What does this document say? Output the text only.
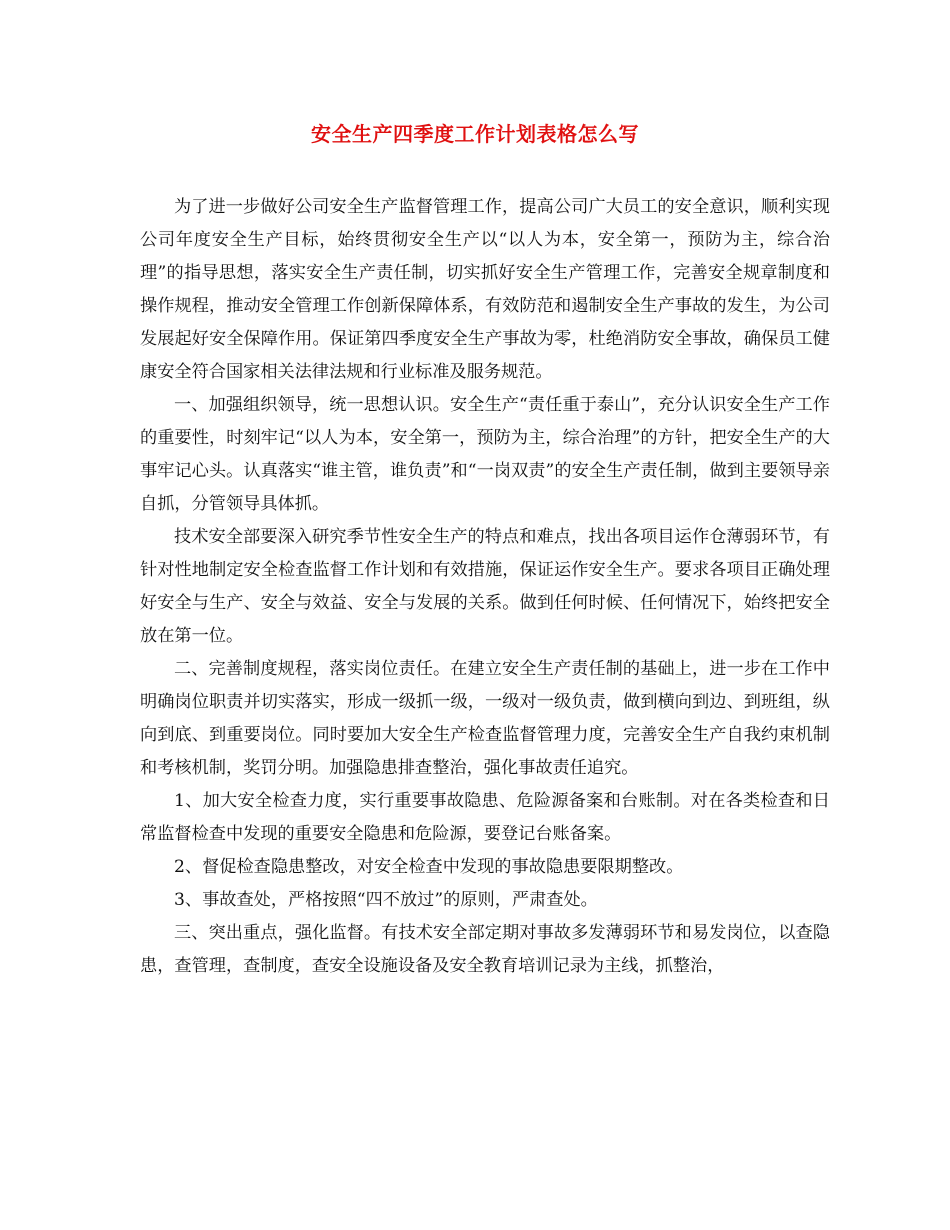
安全生产四季度工作计划表格怎么写

为了进一步做好公司安全生产监督管理工作，提高公司广大员工的安全意识，顺利实现公司年度安全生产目标，始终贯彻安全生产以“以人为本，安全第一，预防为主，综合治理”的指导思想，落实安全生产责任制，切实抓好安全生产管理工作，完善安全规章制度和操作规程，推动安全管理工作创新保障体系，有效防范和遏制安全生产事故的发生，为公司发展起好安全保障作用。保证第四季度安全生产事故为零，杜绝消防安全事故，确保员工健康安全符合国家相关法律法规和行业标准及服务规范。

一、加强组织领导，统一思想认识。安全生产“责任重于泰山”，充分认识安全生产工作的重要性，时刻牢记“以人为本，安全第一，预防为主，综合治理”的方针，把安全生产的大事牢记心头。认真落实“谁主管，谁负责”和“一岗双责”的安全生产责任制，做到主要领导亲自抓，分管领导具体抓。

技术安全部要深入研究季节性安全生产的特点和难点，找出各项目运作仓薄弱环节，有针对性地制定安全检查监督工作计划和有效措施，保证运作安全生产。要求各项目正确处理好安全与生产、安全与效益、安全与发展的关系。做到任何时候、任何情况下，始终把安全放在第一位。

二、完善制度规程，落实岗位责任。在建立安全生产责任制的基础上，进一步在工作中明确岗位职责并切实落实，形成一级抓一级，一级对一级负责，做到横向到边、到班组，纵向到底、到重要岗位。同时要加大安全生产检查监督管理力度，完善安全生产自我约束机制和考核机制，奖罚分明。加强隐患排查整治，强化事故责任追究。

1、加大安全检查力度，实行重要事故隐患、危险源备案和台账制。对在各类检查和日常监督检查中发现的重要安全隐患和危险源，要登记台账备案。

2、督促检查隐患整改，对安全检查中发现的事故隐患要限期整改。

3、事故查处，严格按照“四不放过”的原则，严肃查处。

三、突出重点，强化监督。有技术安全部定期对事故多发薄弱环节和易发岗位，以查隐患，查管理，查制度，查安全设施设备及安全教育培训记录为主线，抓整治，
